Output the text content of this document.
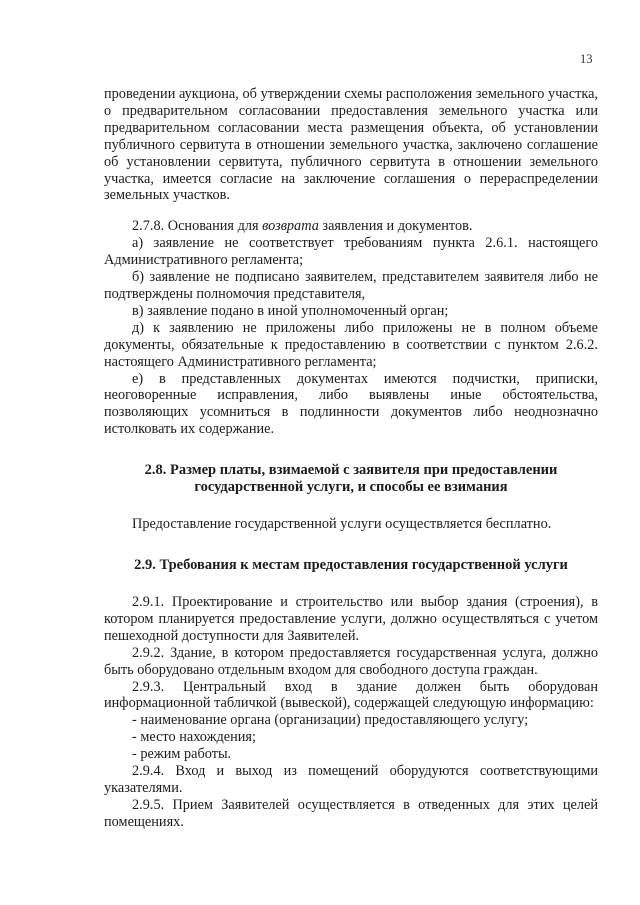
13

проведении аукциона, об утверждении схемы расположения земельного участка, о предварительном согласовании предоставления земельного участка или предварительном согласовании места размещения объекта, об установлении публичного сервитута в отношении земельного участка, заключено соглашение об установлении сервитута, публичного сервитута в отношении земельного участка, имеется согласие на заключение соглашения о перераспределении земельных участков.

2.7.8. Основания для возврата заявления и документов.

а) заявление не соответствует требованиям пункта 2.6.1. настоящего Административного регламента;

б) заявление не подписано заявителем, представителем заявителя либо не подтверждены полномочия представителя,

в) заявление подано в иной уполномоченный орган;

д) к заявлению не приложены либо приложены не в полном объеме документы, обязательные к предоставлению в соответствии с пунктом 2.6.2. настоящего Административного регламента;

е) в представленных документах имеются подчистки, приписки, неоговоренные исправления, либо выявлены иные обстоятельства, позволяющих усомниться в подлинности документов либо неоднозначно истолковать их содержание.

2.8. Размер платы, взимаемой с заявителя при предоставлении
государственной услуги, и способы ее взимания

Предоставление государственной услуги осуществляется бесплатно.

2.9. Требования к местам предоставления государственной услуги

2.9.1. Проектирование и строительство или выбор здания (строения), в котором планируется предоставление услуги, должно осуществляться с учетом пешеходной доступности для Заявителей.

2.9.2. Здание, в котором предоставляется государственная услуга, должно быть оборудовано отдельным входом для свободного доступа граждан.

2.9.3. Центральный вход в здание должен быть оборудован информационной табличкой (вывеской), содержащей следующую информацию:

- наименование органа (организации) предоставляющего услугу;

- место нахождения;

- режим работы.

2.9.4. Вход и выход из помещений оборудуются соответствующими указателями.

2.9.5. Прием Заявителей осуществляется в отведенных для этих целей помещениях.
